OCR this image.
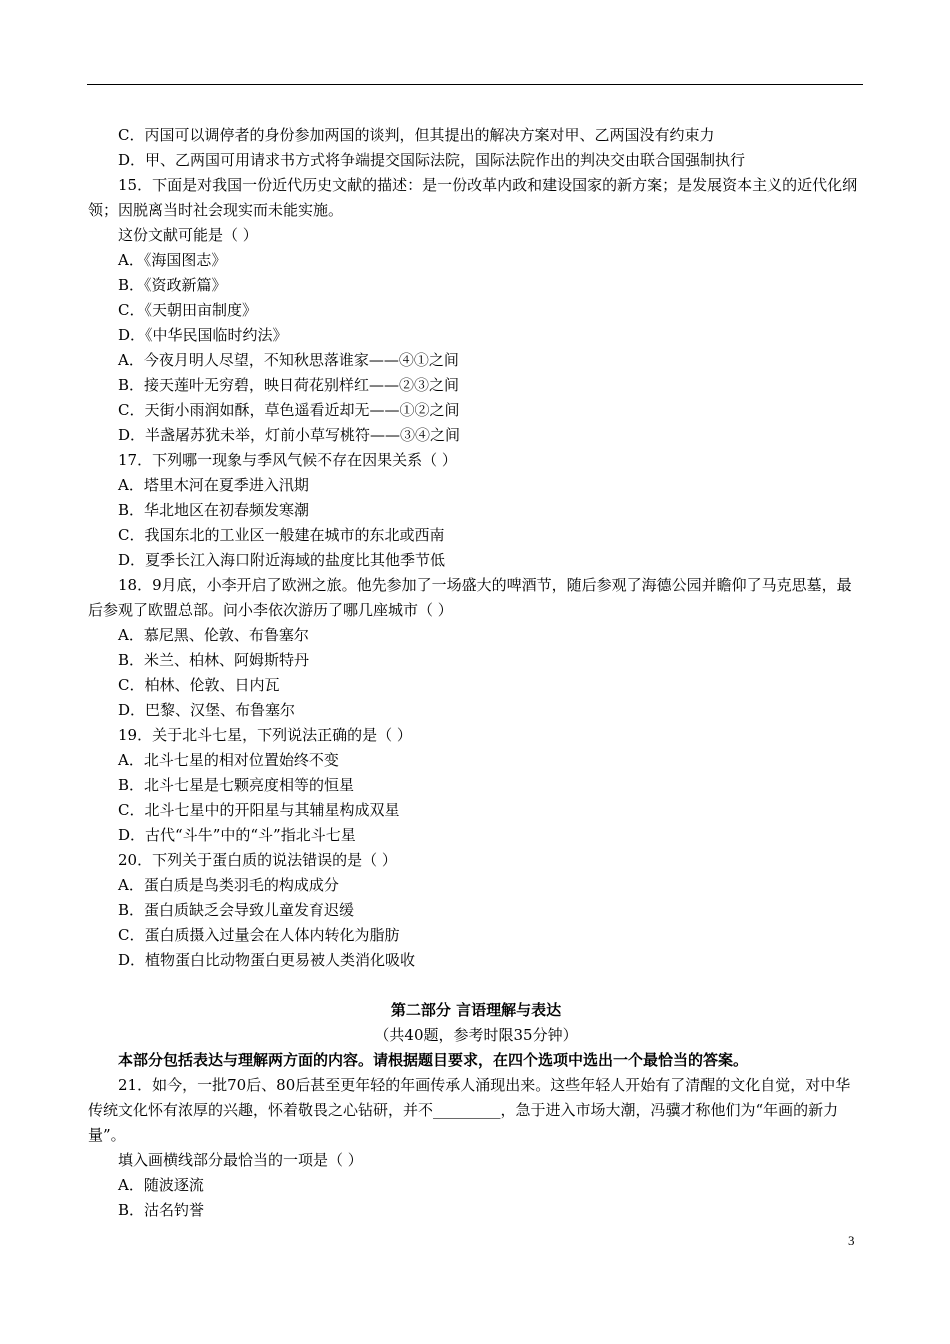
C．丙国可以调停者的身份参加两国的谈判，但其提出的解决方案对甲、乙两国没有约束力

D．甲、乙两国可用请求书方式将争端提交国际法院，国际法院作出的判决交由联合国强制执行

15．下面是对我国一份近代历史文献的描述：是一份改革内政和建设国家的新方案；是发展资本主义的近代化纲领；因脱离当时社会现实而未能实施。

这份文献可能是（ ）

A．《海国图志》

B．《资政新篇》

C．《天朝田亩制度》

D．《中华民国临时约法》

A．今夜月明人尽望，不知秋思落谁家——④①之间

B．接天莲叶无穷碧，映日荷花别样红——②③之间

C．天街小雨润如酥，草色遥看近却无——①②之间

D．半盏屠苏犹未举，灯前小草写桃符——③④之间

17．下列哪一现象与季风气候不存在因果关系（ ）

A．塔里木河在夏季进入汛期

B．华北地区在初春频发寒潮

C．我国东北的工业区一般建在城市的东北或西南

D．夏季长江入海口附近海域的盐度比其他季节低

18．9月底，小李开启了欧洲之旅。他先参加了一场盛大的啤酒节，随后参观了海德公园并瞻仰了马克思墓，最后参观了欧盟总部。问小李依次游历了哪几座城市（ ）

A．慕尼黑、伦敦、布鲁塞尔

B．米兰、柏林、阿姆斯特丹

C．柏林、伦敦、日内瓦

D．巴黎、汉堡、布鲁塞尔

19．关于北斗七星，下列说法正确的是（ ）

A．北斗七星的相对位置始终不变

B．北斗七星是七颗亮度相等的恒星

C．北斗七星中的开阳星与其辅星构成双星

D．古代“斗牛”中的“斗”指北斗七星

20．下列关于蛋白质的说法错误的是（ ）

A．蛋白质是鸟类羽毛的构成成分

B．蛋白质缺乏会导致儿童发育迟缓

C．蛋白质摄入过量会在人体内转化为脂肪

D．植物蛋白比动物蛋白更易被人类消化吸收

第二部分 言语理解与表达

（共40题，参考时限35分钟）

本部分包括表达与理解两方面的内容。请根据题目要求，在四个选项中选出一个最恰当的答案。

21．如今，一批70后、80后甚至更年轻的年画传承人涌现出来。这些年轻人开始有了清醒的文化自觉，对中华传统文化怀有浓厚的兴趣，怀着敬畏之心钻研，并不_________，急于进入市场大潮，冯骥才称他们为“年画的新力量”。

填入画横线部分最恰当的一项是（ ）

A．随波逐流

B．沽名钓誉

3
